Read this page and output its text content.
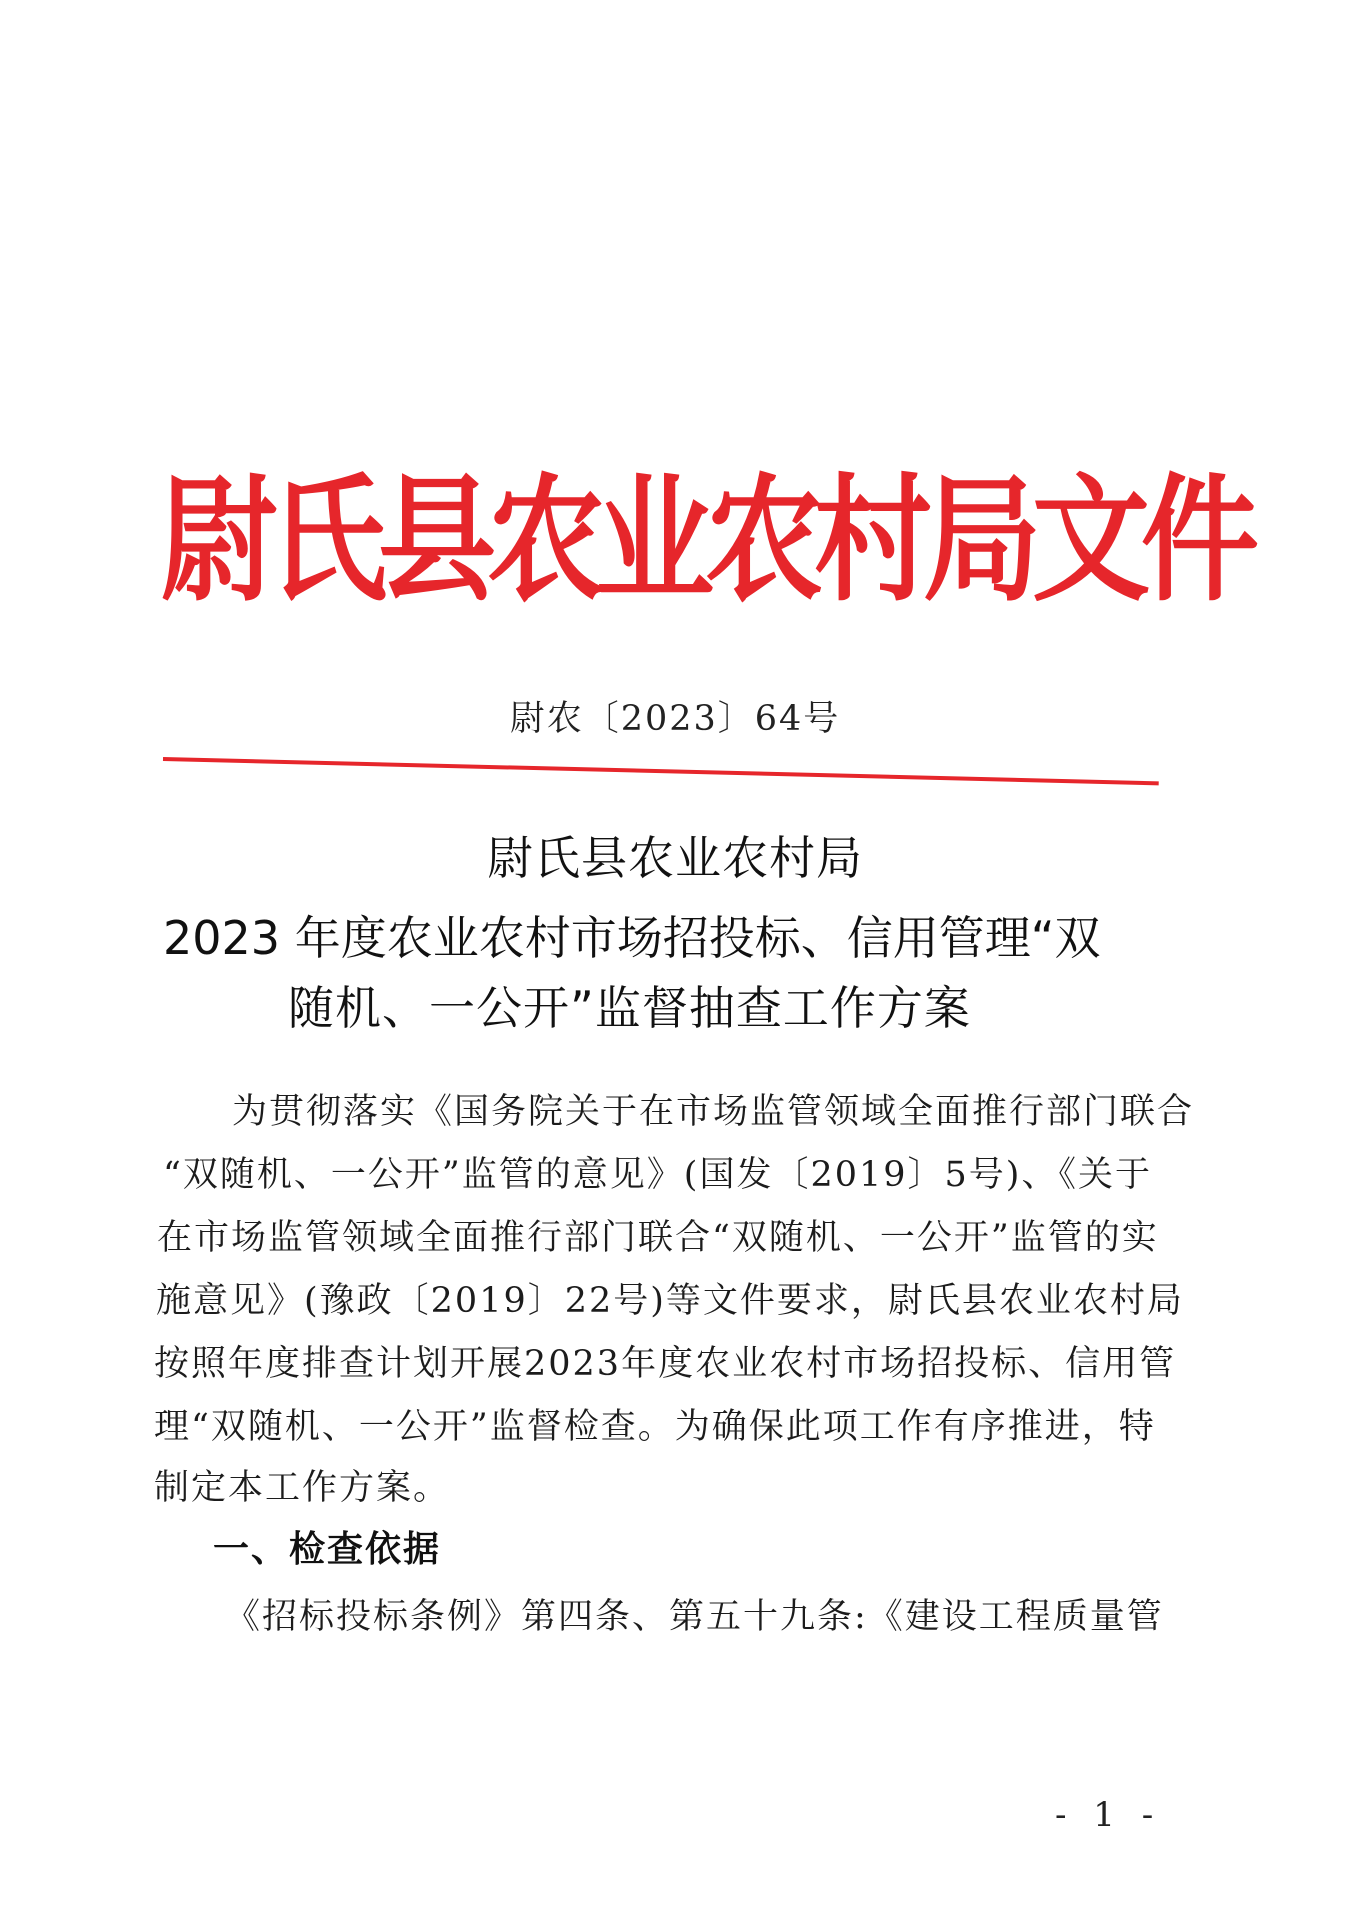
尉氏县农业农村局文件
尉农〔2023〕64号
尉氏县农业农村局
2023 年度农业农村市场招投标、信用管理“双
随机、一公开”监督抽查工作方案
为贯彻落实《国务院关于在市场监管领域全面推行部门联合
“双随机、一公开”监管的意见》(国发〔2019〕5号)、《关于
在市场监管领域全面推行部门联合“双随机、一公开”监管的实
施意见》(豫政〔2019〕22号)等文件要求，尉氏县农业农村局
按照年度排查计划开展2023年度农业农村市场招投标、信用管
理“双随机、一公开”监督检查。为确保此项工作有序推进，特
制定本工作方案。
一、检查依据
《招标投标条例》第四条、第五十九条:《建设工程质量管
- 1 -
